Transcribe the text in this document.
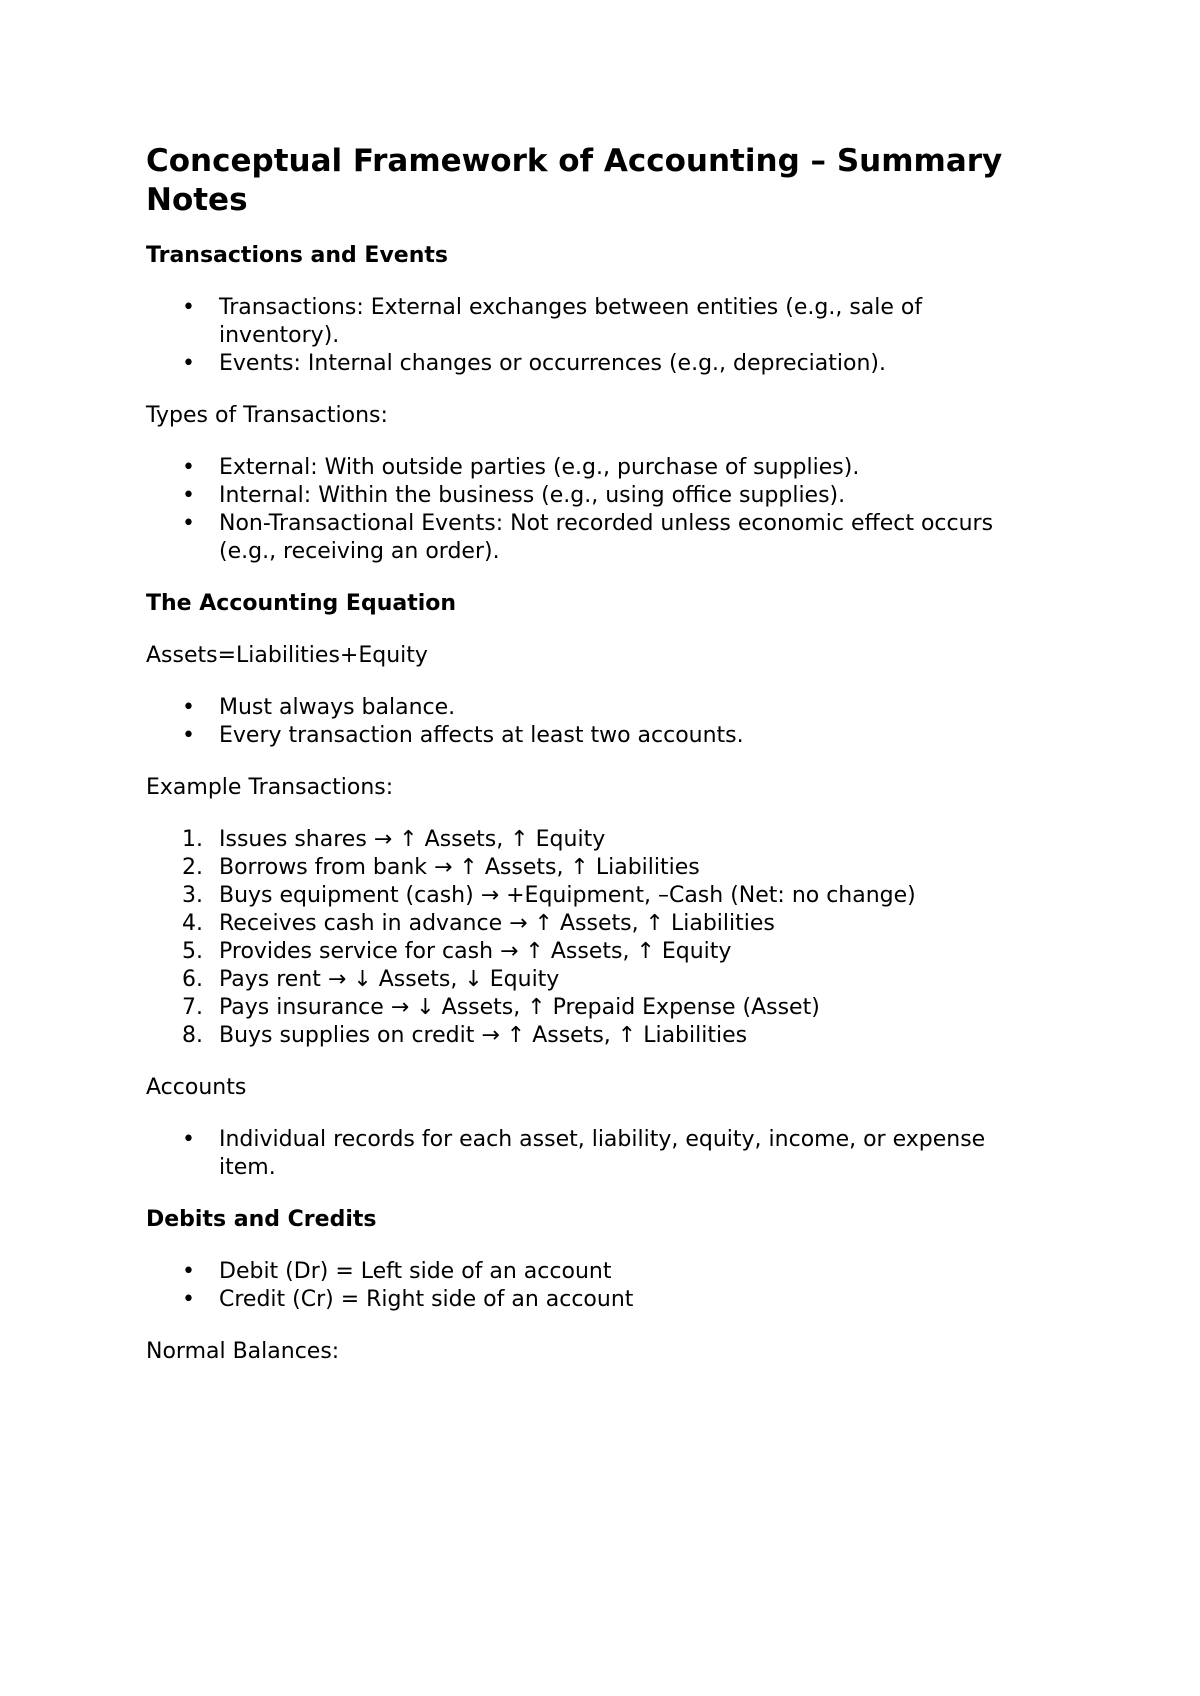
Conceptual Framework of Accounting – Summary Notes
Transactions and Events
• Transactions: External exchanges between entities (e.g., sale of inventory).
• Events: Internal changes or occurrences (e.g., depreciation).
Types of Transactions:
• External: With outside parties (e.g., purchase of supplies).
• Internal: Within the business (e.g., using office supplies).
• Non-Transactional Events: Not recorded unless economic effect occurs (e.g., receiving an order).
The Accounting Equation
Assets=Liabilities+Equity
• Must always balance.
• Every transaction affects at least two accounts.
Example Transactions:
1. Issues shares → ↑ Assets, ↑ Equity
2. Borrows from bank → ↑ Assets, ↑ Liabilities
3. Buys equipment (cash) → +Equipment, –Cash (Net: no change)
4. Receives cash in advance → ↑ Assets, ↑ Liabilities
5. Provides service for cash → ↑ Assets, ↑ Equity
6. Pays rent → ↓ Assets, ↓ Equity
7. Pays insurance → ↓ Assets, ↑ Prepaid Expense (Asset)
8. Buys supplies on credit → ↑ Assets, ↑ Liabilities
Accounts
• Individual records for each asset, liability, equity, income, or expense item.
Debits and Credits
• Debit (Dr) = Left side of an account
• Credit (Cr) = Right side of an account
Normal Balances:
